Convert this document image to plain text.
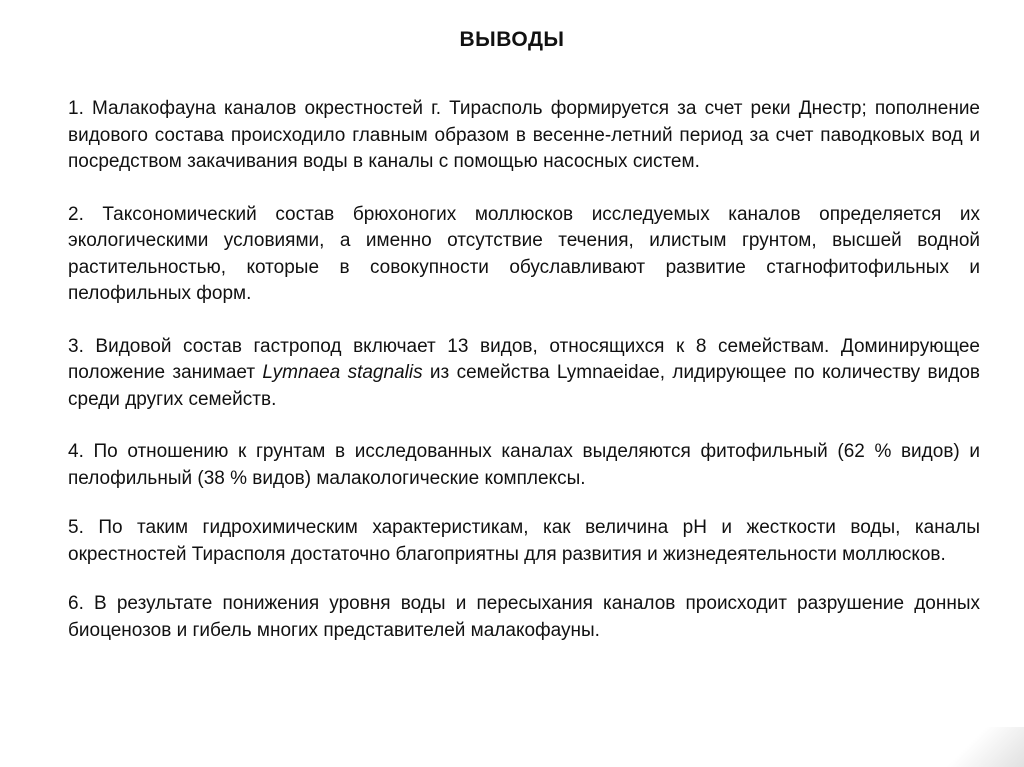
ВЫВОДЫ

1. Малакофауна каналов окрестностей г. Тирасполь формируется за счет реки Днестр; пополнение видового состава происходило главным образом в весенне-летний период за счет паводковых вод и посредством закачивания воды в каналы с помощью насосных систем.

2. Таксономический состав брюхоногих моллюсков исследуемых каналов определяется их экологическими условиями, а именно отсутствие течения, илистым грунтом, высшей водной растительностью, которые в совокупности обуславливают развитие стагнофитофильных и пелофильных форм.

3. Видовой состав гастропод включает 13 видов, относящихся к 8 семействам. Доминирующее положение занимает Lymnaea stagnalis из семейства Lymnaeidae, лидирующее по количеству видов среди других семейств.

4. По отношению к грунтам в исследованных каналах выделяются фитофильный (62 % видов) и пелофильный (38 % видов) малакологические комплексы.

5. По таким гидрохимическим характеристикам, как величина pH и жесткости воды, каналы окрестностей Тирасполя достаточно благоприятны для развития и жизнедеятельности моллюсков.

6. В результате понижения уровня воды и пересыхания каналов происходит разрушение донных биоценозов и гибель многих представителей малакофауны.
